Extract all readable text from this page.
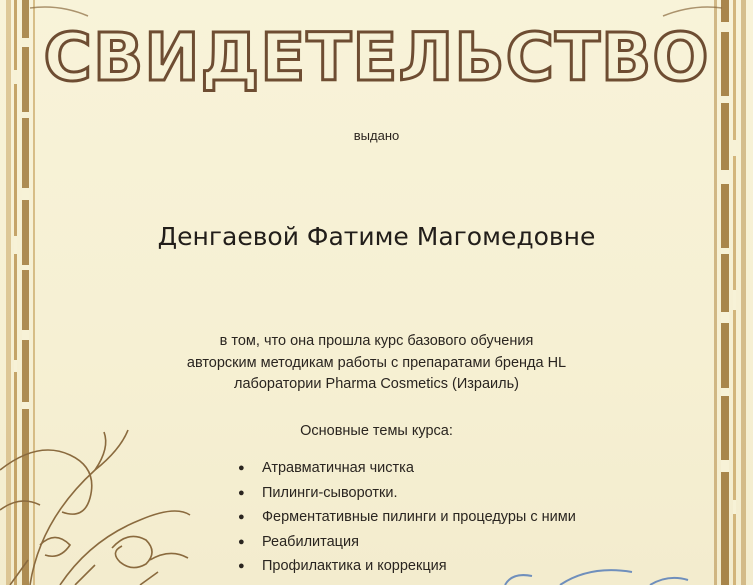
СВИДЕТЕЛЬСТВО
выдано
Денгаевой Фатиме Магомедовне
в том, что она прошла курс базового обучения
авторским методикам работы с препаратами бренда HL
лаборатории Pharma Cosmetics (Израиль)
Основные темы курса:
● Атравматичная чистка
● Пилинги-сыворотки.
● Ферментативные пилинги и процедуры с ними
● Реабилитация
● Профилактика и коррекция
